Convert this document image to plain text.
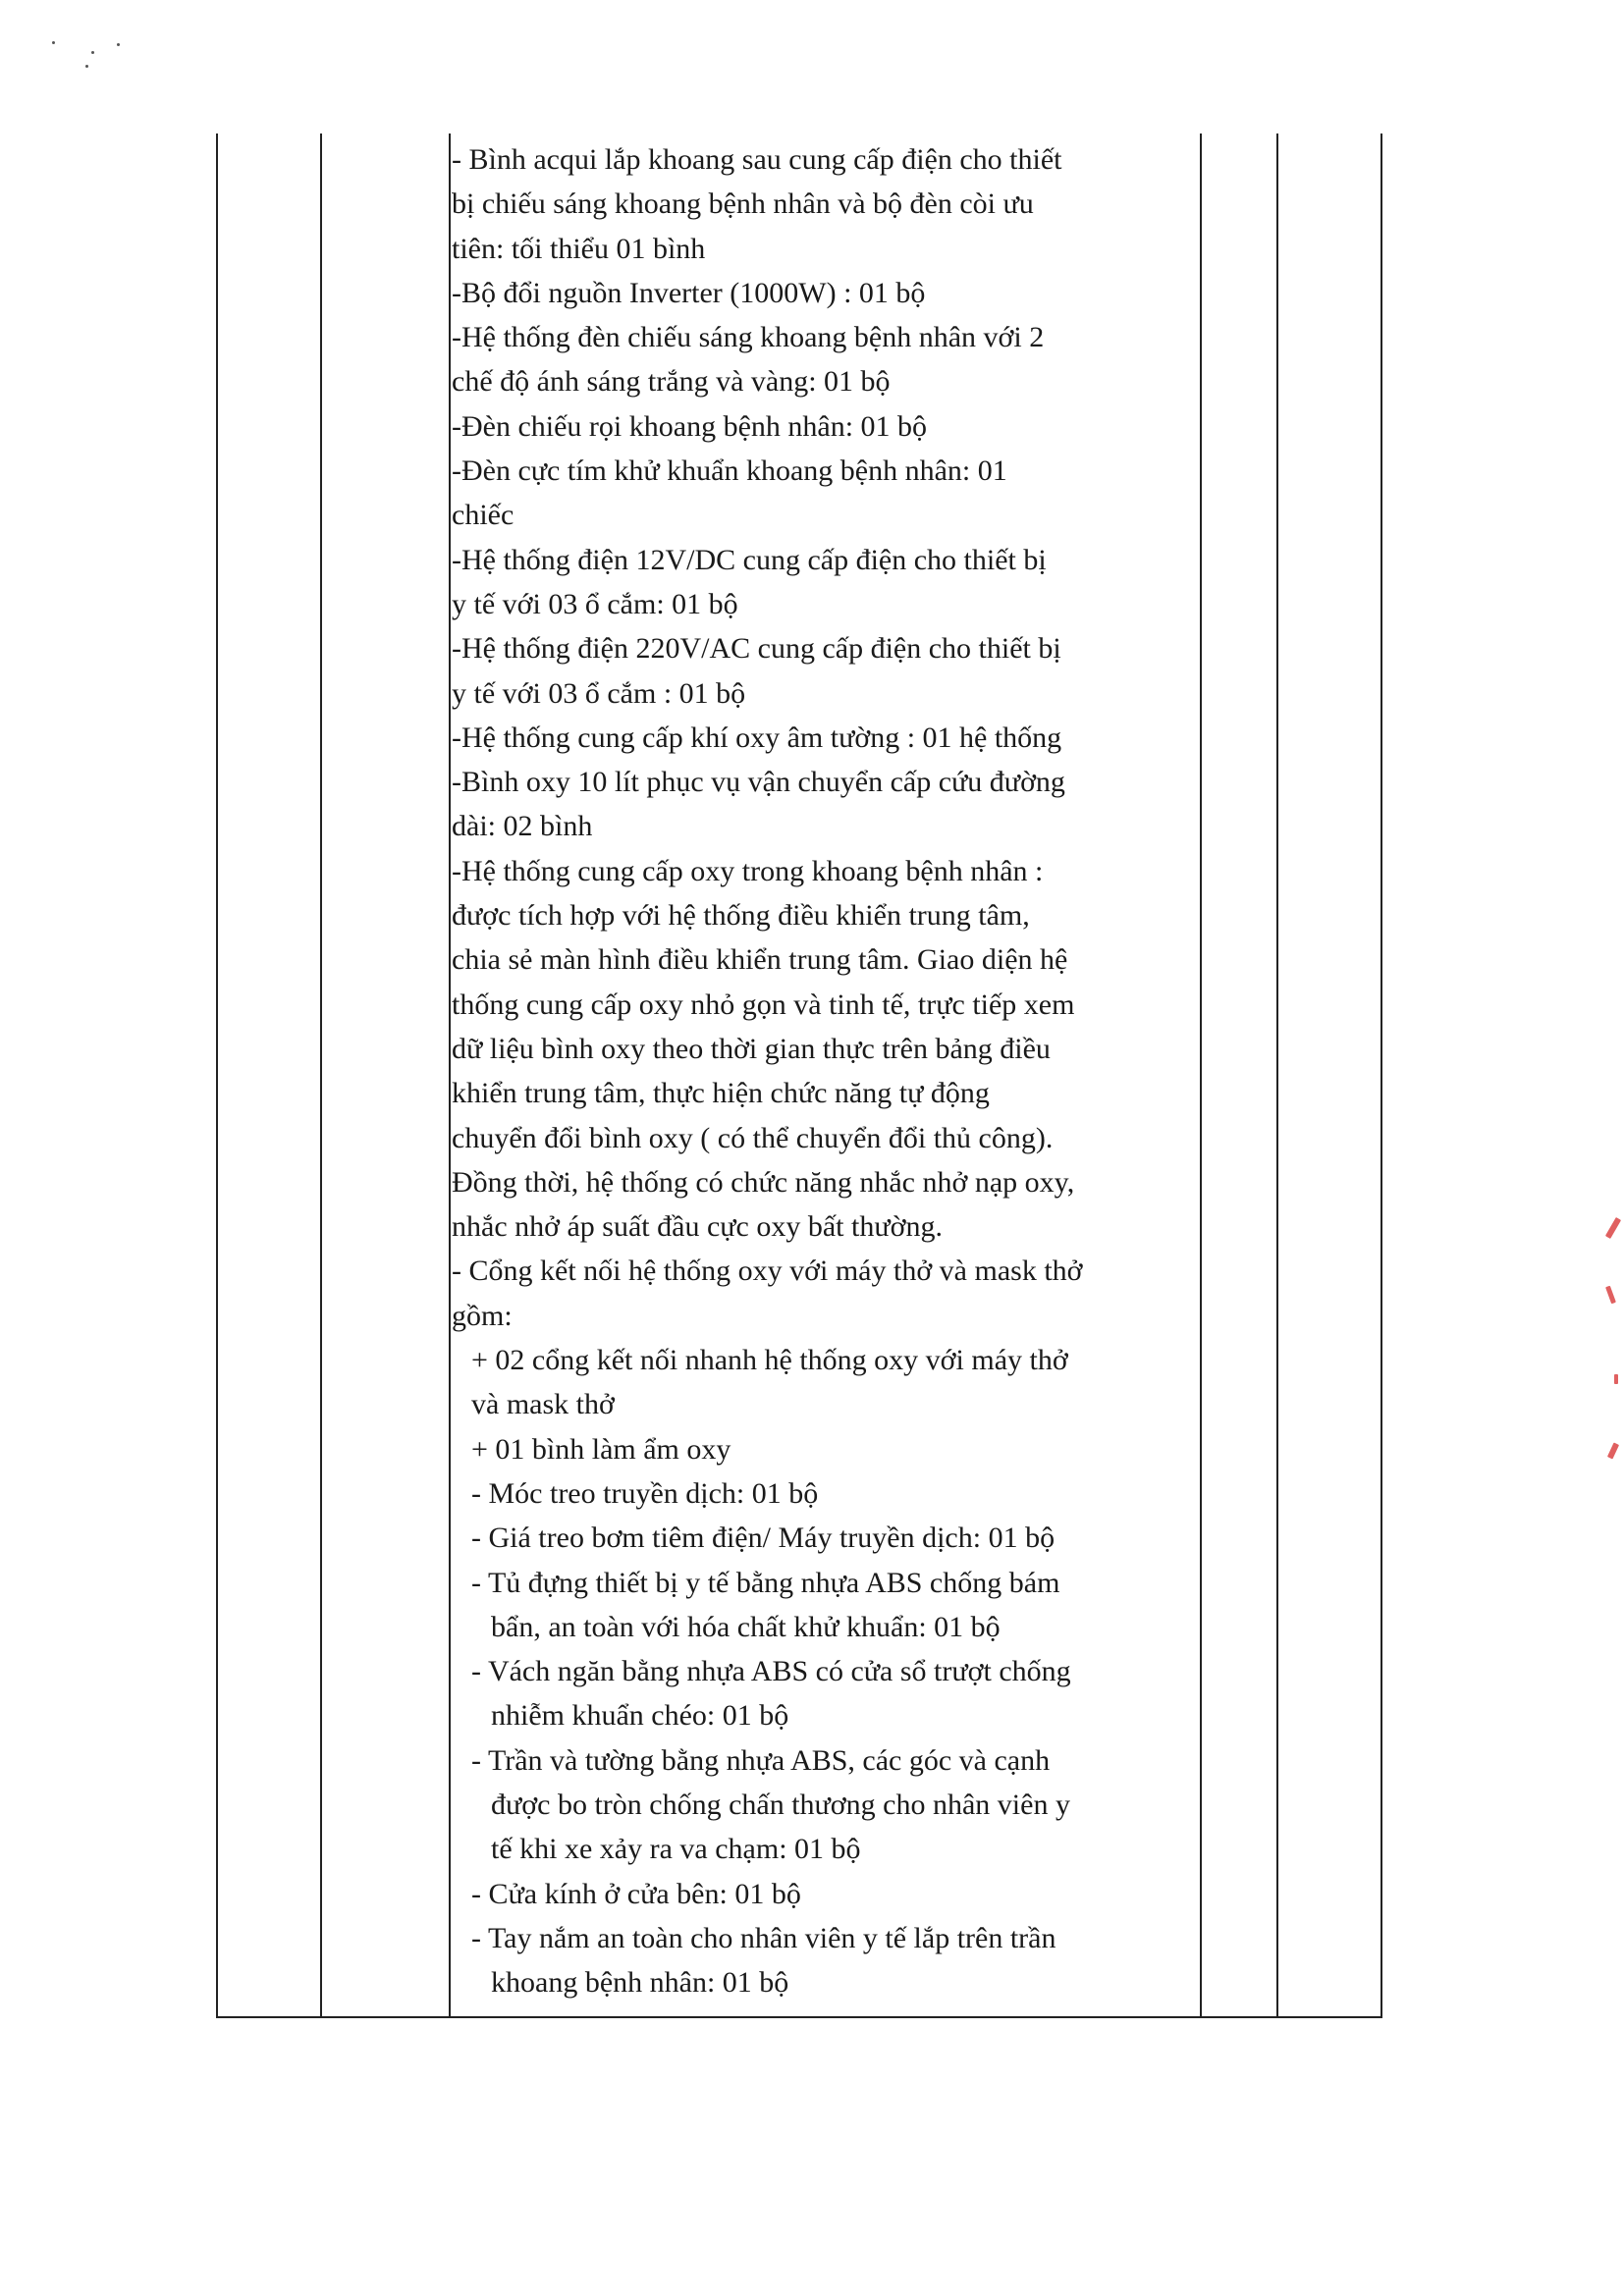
- Bình acqui lắp khoang sau cung cấp điện cho thiết
bị chiếu sáng khoang bệnh nhân và bộ đèn còi ưu
tiên: tối thiểu 01 bình
-Bộ đổi nguồn Inverter (1000W) : 01 bộ
-Hệ thống đèn chiếu sáng khoang bệnh nhân với 2
chế độ ánh sáng trắng và vàng: 01 bộ
-Đèn chiếu rọi khoang bệnh nhân: 01 bộ
-Đèn cực tím khử khuẩn khoang bệnh nhân: 01
chiếc
-Hệ thống điện 12V/DC cung cấp điện cho thiết bị
y tế với 03 ổ cắm: 01 bộ
-Hệ thống điện 220V/AC cung cấp điện cho thiết bị
y tế với 03 ổ cắm : 01 bộ
-Hệ thống cung cấp khí oxy âm tường : 01 hệ thống
-Bình oxy 10 lít phục vụ vận chuyển cấp cứu đường
dài: 02 bình
-Hệ thống cung cấp oxy trong khoang bệnh nhân :
được tích hợp với hệ thống điều khiển trung tâm,
chia sẻ màn hình điều khiển trung tâm. Giao diện hệ
thống cung cấp oxy nhỏ gọn và tinh tế, trực tiếp xem
dữ liệu bình oxy theo thời gian thực trên bảng điều
khiển trung tâm, thực hiện chức năng tự động
chuyển đổi bình oxy ( có thể chuyển đổi thủ công).
Đồng thời, hệ thống có chức năng nhắc nhở nạp oxy,
nhắc nhở áp suất đầu cực oxy bất thường.
- Cổng kết nối hệ thống oxy với máy thở và mask thở
gồm:
+ 02 cổng kết nối nhanh hệ thống oxy với máy thở
và mask thở
+ 01 bình làm ẩm oxy
- Móc treo truyền dịch: 01 bộ
- Giá treo bơm tiêm điện/ Máy truyền dịch: 01 bộ
- Tủ đựng thiết bị y tế bằng nhựa ABS chống bám
bẩn, an toàn với hóa chất khử khuẩn: 01 bộ
- Vách ngăn bằng nhựa ABS có cửa sổ trượt chống
nhiễm khuẩn chéo: 01 bộ
- Trần và tường bằng nhựa ABS, các góc và cạnh
được bo tròn chống chấn thương cho nhân viên y
tế khi xe xảy ra va chạm: 01 bộ
- Cửa kính ở cửa bên: 01 bộ
- Tay nắm an toàn cho nhân viên y tế lắp trên trần
khoang bệnh nhân: 01 bộ
